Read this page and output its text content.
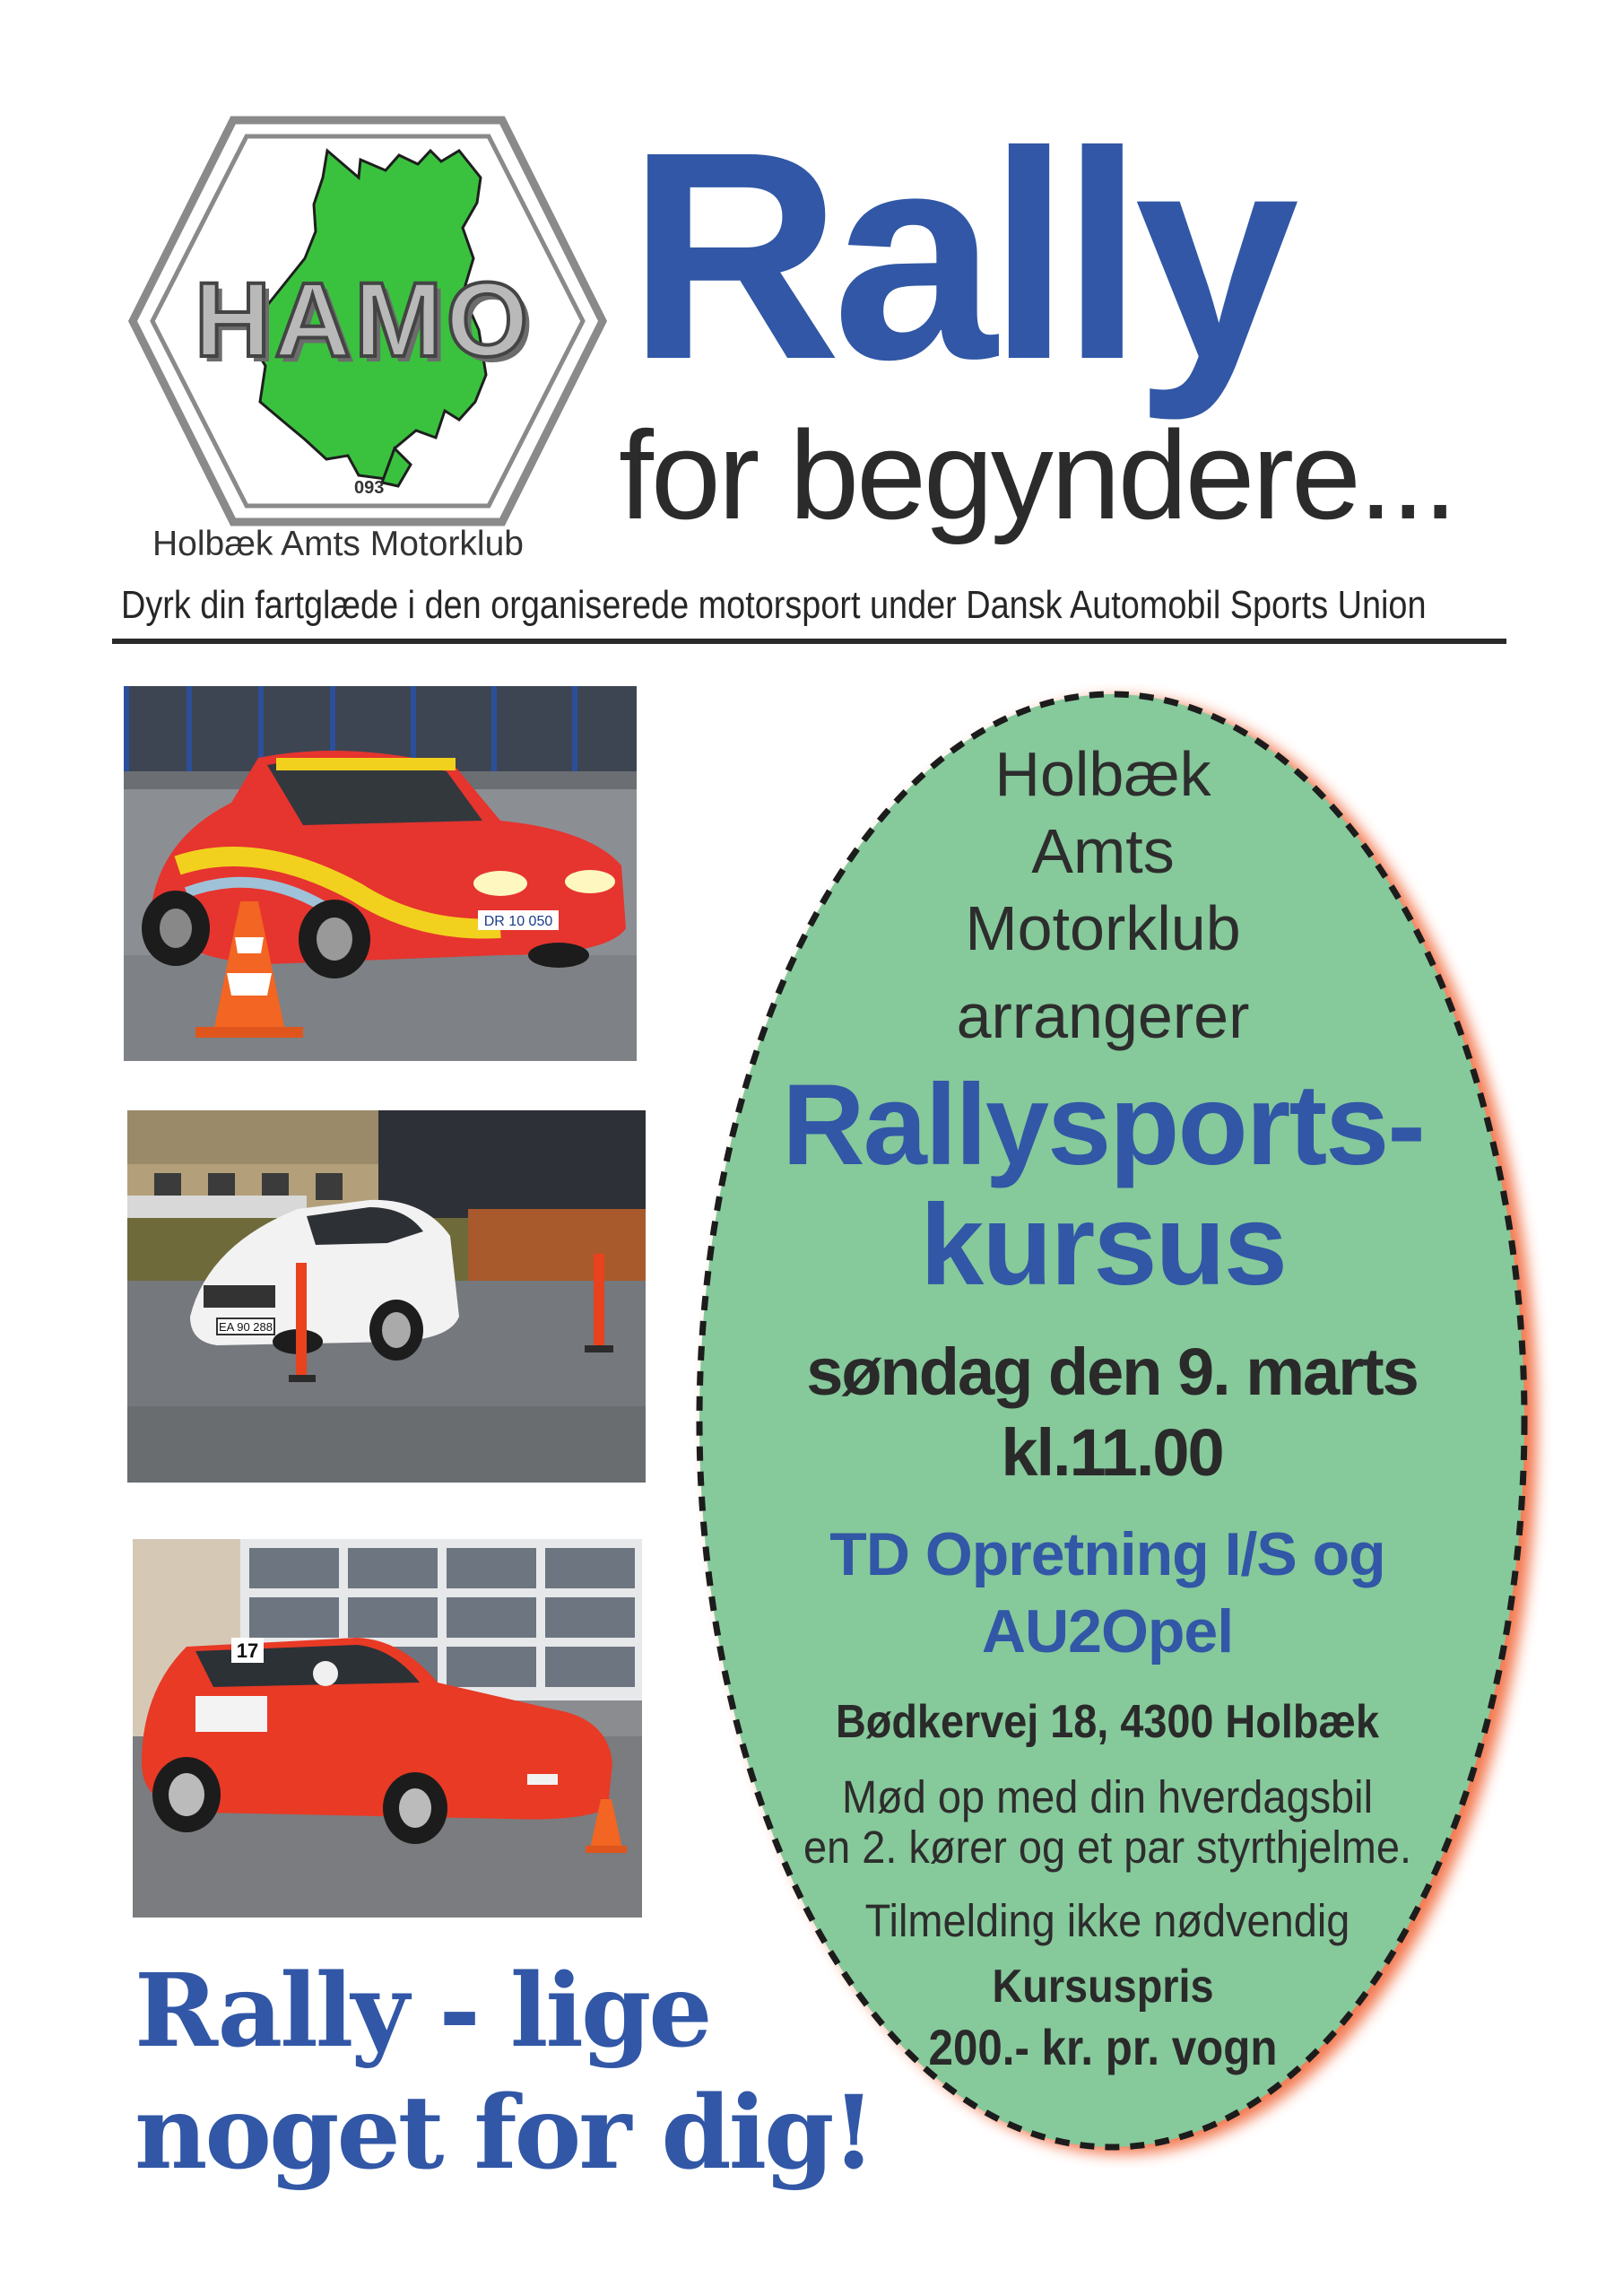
HAMO
093
Holbæk Amts Motorklub
Rally
for begyndere...
Dyrk din fartglæde i den organiserede motorsport under Dansk Automobil Sports Union
DR 10 050
EA 90 288
17
Holbæk
Amts
Motorklub
arrangerer
Rallysports-
kursus
søndag den 9. marts
kl.11.00
TD Opretning I/S og
AU2Opel
Bødkervej 18, 4300 Holbæk
Mød op med din hverdagsbil
en 2. kører og et par styrthjelme.
Tilmelding ikke nødvendig
Kursuspris
200.- kr. pr. vogn
Rally - lige
noget for dig!
